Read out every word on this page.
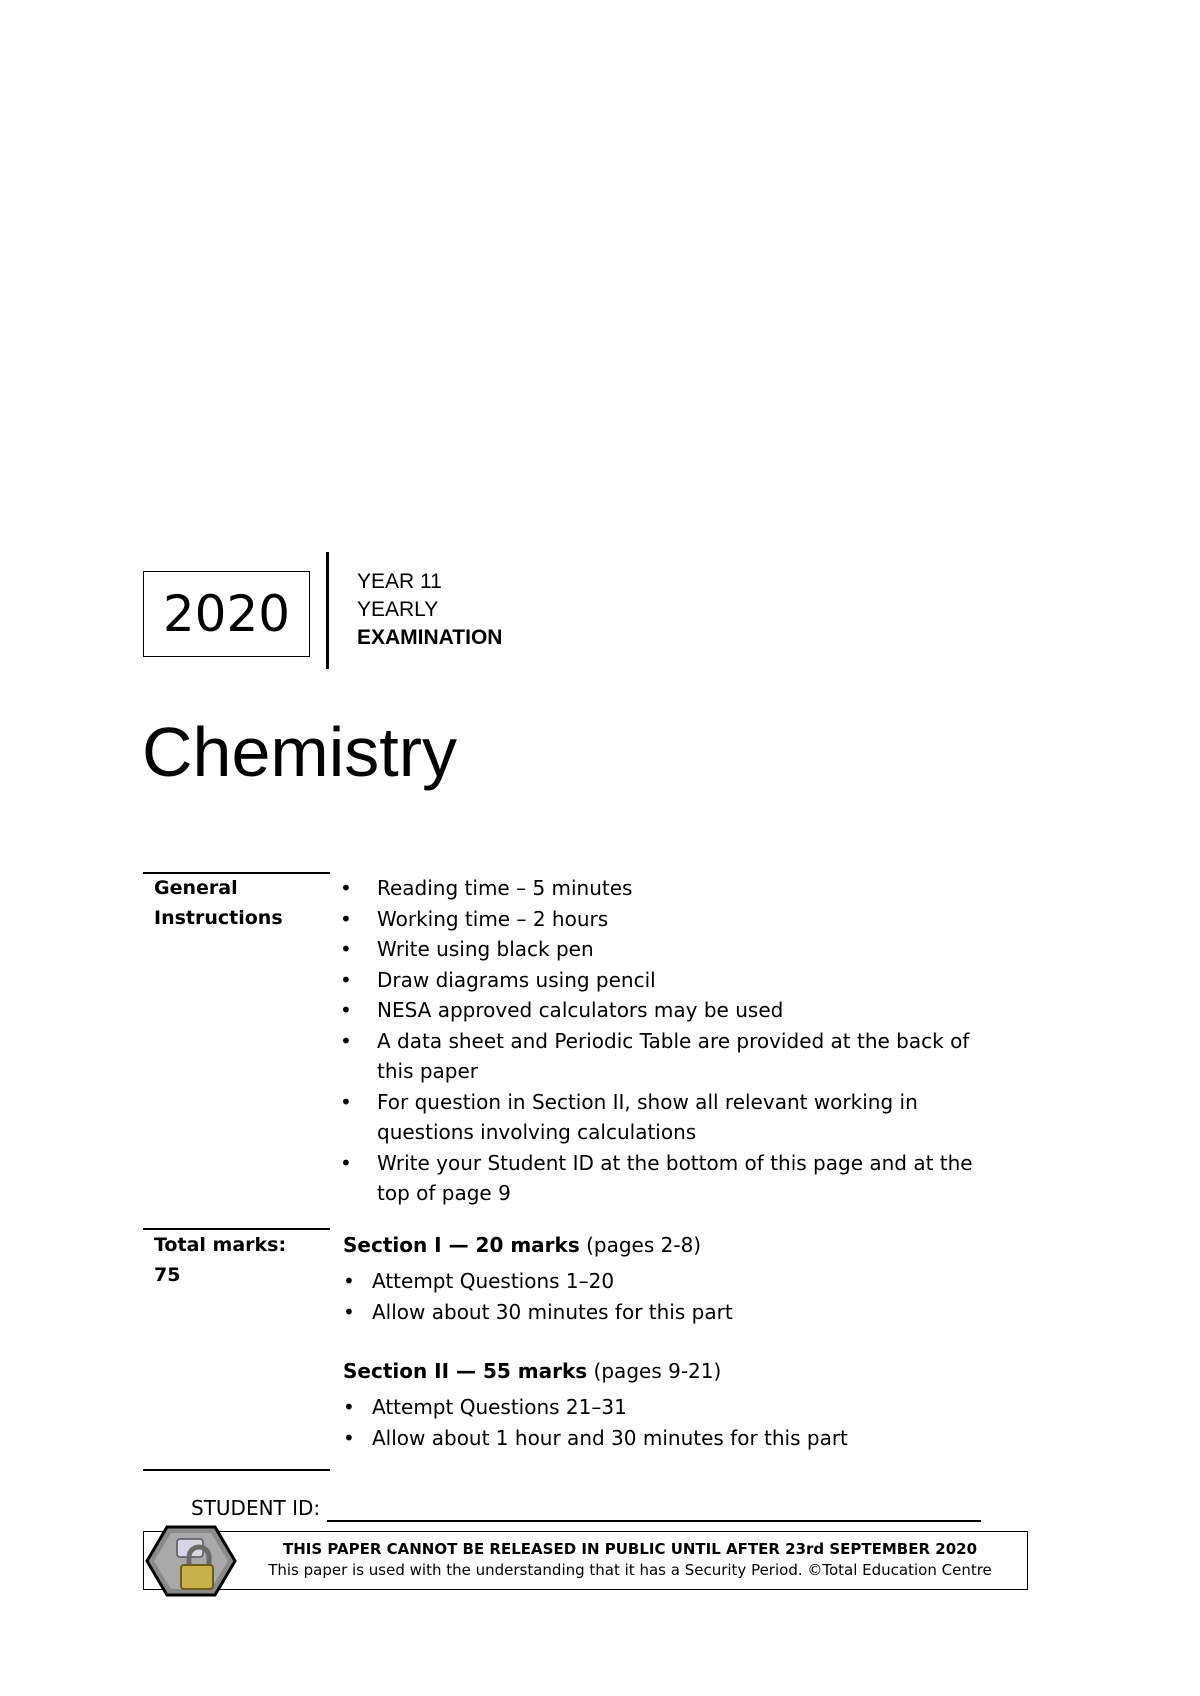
2020
YEAR 11
YEARLY
EXAMINATION
Chemistry
General
Instructions
• Reading time – 5 minutes
• Working time – 2 hours
• Write using black pen
• Draw diagrams using pencil
• NESA approved calculators may be used
• A data sheet and Periodic Table are provided at the back of this paper
• For question in Section II, show all relevant working in questions involving calculations
• Write your Student ID at the bottom of this page and at the top of page 9
Total marks:
75
Section I — 20 marks (pages 2-8)
• Attempt Questions 1–20
• Allow about 30 minutes for this part
Section II — 55 marks (pages 9-21)
• Attempt Questions 21–31
• Allow about 1 hour and 30 minutes for this part
STUDENT ID:
THIS PAPER CANNOT BE RELEASED IN PUBLIC UNTIL AFTER 23rd SEPTEMBER 2020
This paper is used with the understanding that it has a Security Period. ©Total Education Centre
